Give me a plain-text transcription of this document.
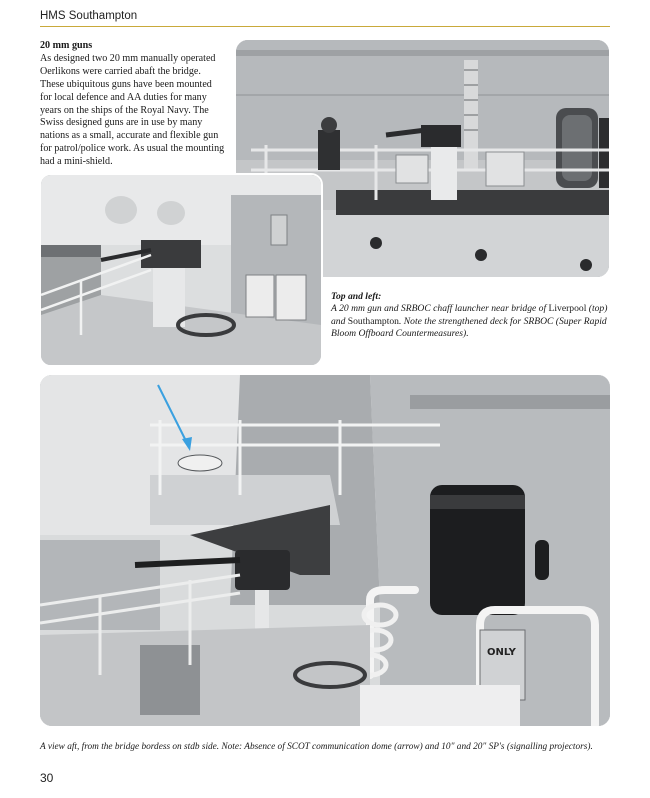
HMS Southampton
20 mm guns
As designed two 20 mm manually operated Oerlikons were carried abaft the bridge. These ubiquitous guns have been mounted for local defence and AA duties for many years on the ships of the Royal Navy. The Swiss designed guns are in use by many nations as a small, accurate and flexible gun for patrol/police work. As usual the mounting had a mini-shield.
Top and left:
A 20 mm gun and SRBOC chaff launcher near bridge of Liverpool (top) and Southampton. Note the strengthened deck for SRBOC (Super Rapid Bloom Offboard Countermeasures).
ONLY
A view aft, from the bridge bordess on stdb side. Note: Absence of SCOT communication dome (arrow) and 10" and 20" SP's (signalling projectors).
30
